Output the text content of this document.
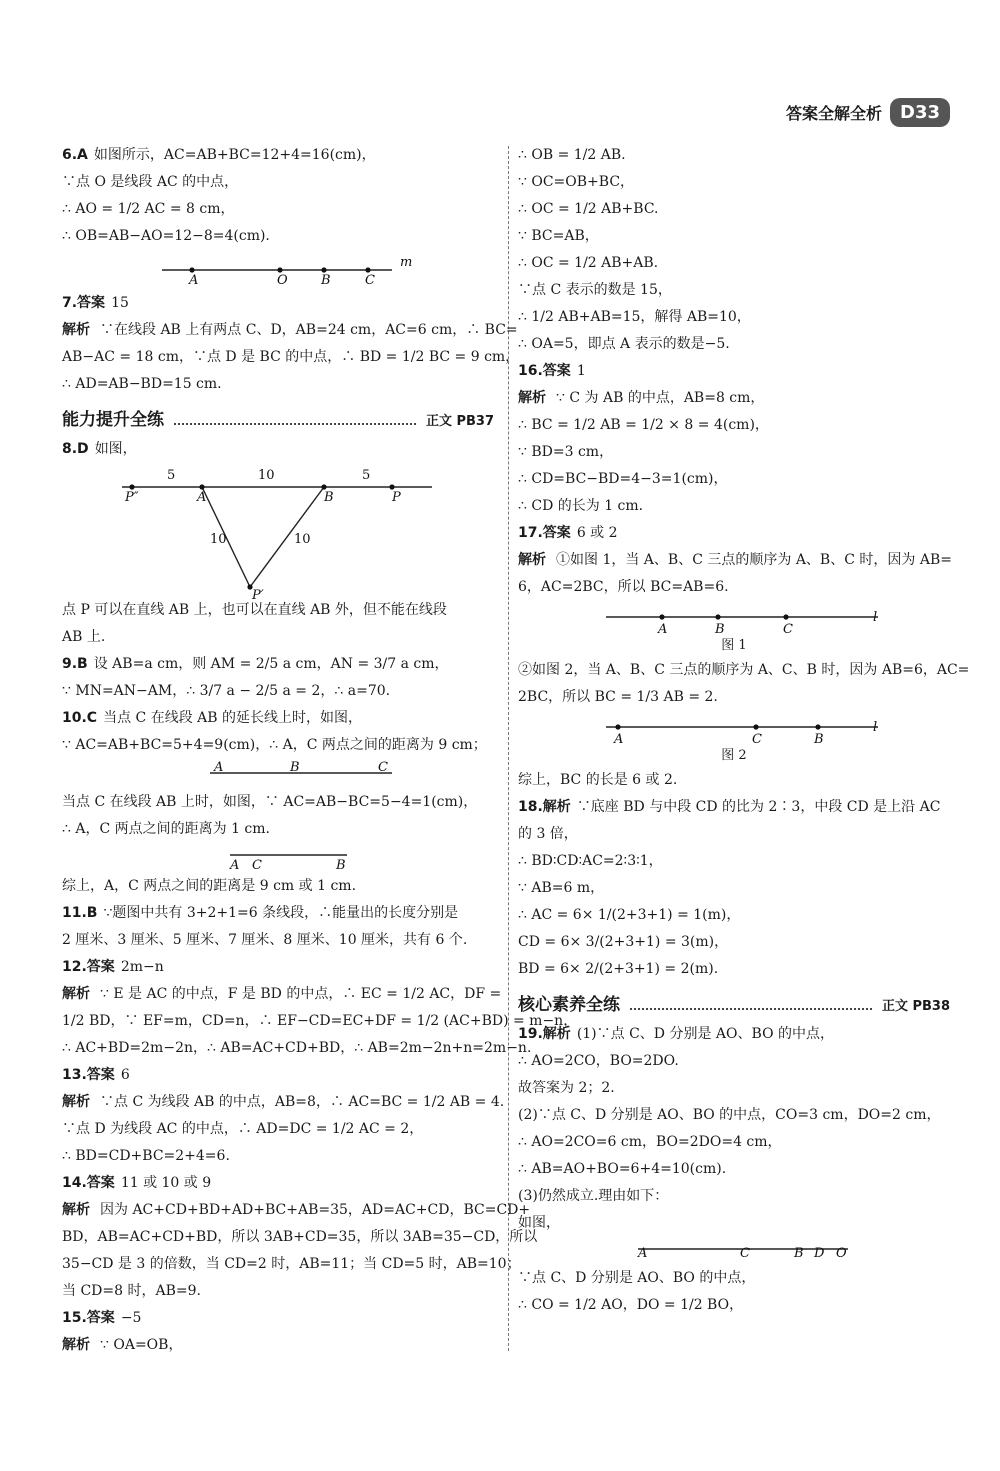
答案全解全析	D33
6.A 如图所示，AC=AB+BC=12+4=16(cm)，
∵点 O 是线段 AC 的中点，
∴ AO = 1/2 AC = 8 cm，
∴ OB=AB−AO=12−8=4(cm).
A	O	B	C
m
7.答案 15
解析 ∵在线段 AB 上有两点 C、D，AB=24 cm，AC=6 cm，∴ BC=
AB−AC = 18 cm，∵点 D 是 BC 的中点，∴ BD = 1/2 BC = 9 cm，
∴ AD=AB−BD=15 cm.
能力提升全练	正文 PB37
8.D 如图，
5	10	5
P″	A	B	P
10	10
P′
点 P 可以在直线 AB 上，也可以在直线 AB 外，但不能在线段
AB 上.
9.B 设 AB=a cm，则 AM = 2/5 a cm，AN = 3/7 a cm，
∵ MN=AN−AM，∴ 3/7 a − 2/5 a = 2，∴ a=70.
10.C 当点 C 在线段 AB 的延长线上时，如图，
∵ AC=AB+BC=5+4=9(cm)，∴ A，C 两点之间的距离为 9 cm；
A	B	C
当点 C 在线段 AB 上时，如图，∵ AC=AB−BC=5−4=1(cm)，
∴ A，C 两点之间的距离为 1 cm.
A C	B
综上，A，C 两点之间的距离是 9 cm 或 1 cm.
11.B ∵题图中共有 3+2+1=6 条线段，∴能量出的长度分别是
2 厘米、3 厘米、5 厘米、7 厘米、8 厘米、10 厘米，共有 6 个.
12.答案 2m−n
解析 ∵ E 是 AC 的中点，F 是 BD 的中点，∴ EC = 1/2 AC，DF =
1/2 BD，∵ EF=m，CD=n，∴ EF−CD=EC+DF = 1/2 (AC+BD) = m−n，
∴ AC+BD=2m−2n，∴ AB=AC+CD+BD，∴ AB=2m−2n+n=2m−n.
13.答案 6
解析 ∵点 C 为线段 AB 的中点，AB=8，∴ AC=BC = 1/2 AB = 4.
∵点 D 为线段 AC 的中点，∴ AD=DC = 1/2 AC = 2，
∴ BD=CD+BC=2+4=6.
14.答案 11 或 10 或 9
解析 因为 AC+CD+BD+AD+BC+AB=35，AD=AC+CD，BC=CD+
BD，AB=AC+CD+BD，所以 3AB+CD=35，所以 3AB=35−CD，所以
35−CD 是 3 的倍数，当 CD=2 时，AB=11；当 CD=5 时，AB=10；
当 CD=8 时，AB=9.
15.答案 −5
解析 ∵ OA=OB，
∴ OB = 1/2 AB.
∵ OC=OB+BC，
∴ OC = 1/2 AB+BC.
∵ BC=AB，
∴ OC = 1/2 AB+AB.
∵点 C 表示的数是 15，
∴ 1/2 AB+AB=15，解得 AB=10，
∴ OA=5，即点 A 表示的数是−5.
16.答案 1
解析 ∵ C 为 AB 的中点，AB=8 cm，
∴ BC = 1/2 AB = 1/2 × 8 = 4(cm)，
∵ BD=3 cm，
∴ CD=BC−BD=4−3=1(cm)，
∴ CD 的长为 1 cm.
17.答案 6 或 2
解析 ①如图 1，当 A、B、C 三点的顺序为 A、B、C 时，因为 AB=
6，AC=2BC，所以 BC=AB=6.
A	B	C
l
图 1
②如图 2，当 A、B、C 三点的顺序为 A、C、B 时，因为 AB=6，AC=
2BC，所以 BC = 1/3 AB = 2.
A	C	B
l
图 2
综上，BC 的长是 6 或 2.
18.解析 ∵底座 BD 与中段 CD 的比为 2∶3，中段 CD 是上沿 AC
的 3 倍，
∴ BD∶CD∶AC=2∶3∶1，
∵ AB=6 m，
∴ AC = 6× 1/(2+3+1) = 1(m)，
CD = 6× 3/(2+3+1) = 3(m)，
BD = 6× 2/(2+3+1) = 2(m).
核心素养全练	正文 PB38
19.解析 (1)∵点 C、D 分别是 AO、BO 的中点，
∴ AO=2CO，BO=2DO.
故答案为 2；2.
(2)∵点 C、D 分别是 AO、BO 的中点，CO=3 cm，DO=2 cm，
∴ AO=2CO=6 cm，BO=2DO=4 cm，
∴ AB=AO+BO=6+4=10(cm).
(3)仍然成立.理由如下：
如图，
A	C	B D O
∵点 C、D 分别是 AO、BO 的中点，
∴ CO = 1/2 AO，DO = 1/2 BO，
